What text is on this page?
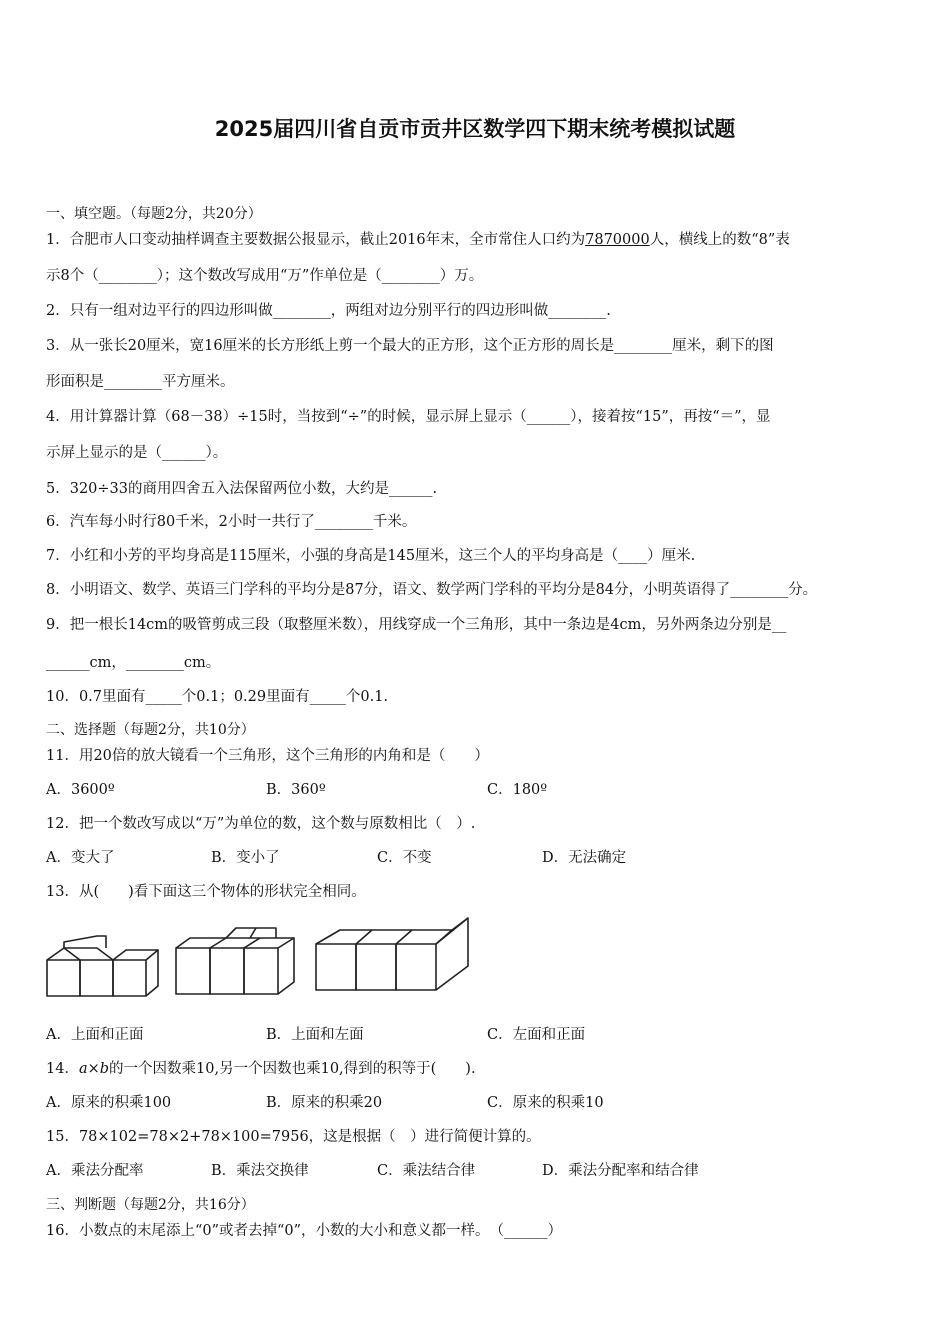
2025届四川省自贡市贡井区数学四下期末统考模拟试题
一、填空题。（每题2分，共20分）
1．合肥市人口变动抽样调查主要数据公报显示，截止2016年末，全市常住人口约为7870000人，横线上的数“8”表
示8个（________）；这个数改写成用“万”作单位是（________）万。
2．只有一组对边平行的四边形叫做________，两组对边分别平行的四边形叫做________.
3．从一张长20厘米，宽16厘米的长方形纸上剪一个最大的正方形，这个正方形的周长是________厘米，剩下的图
形面积是________平方厘米。
4．用计算器计算（68－38）÷15时，当按到“÷”的时候，显示屏上显示（______），接着按“15”，再按“＝”，显
示屏上显示的是（______）。
5．320÷33的商用四舍五入法保留两位小数，大约是______.
6．汽车每小时行80千米，2小时一共行了________千米。
7．小红和小芳的平均身高是115厘米，小强的身高是145厘米，这三个人的平均身高是（____）厘米.
8．小明语文、数学、英语三门学科的平均分是87分，语文、数学两门学科的平均分是84分，小明英语得了________分。
9．把一根长14cm的吸管剪成三段（取整厘米数），用线穿成一个三角形，其中一条边是4cm，另外两条边分别是__
______cm，________cm。
10．0.7里面有_____个0.1；0.29里面有_____个0.1.
二、选择题（每题2分，共10分）
11．用20倍的放大镜看一个三角形，这个三角形的内角和是（　　）
A．3600º	B．360º	C．180º
12．把一个数改写成以“万”为单位的数，这个数与原数相比（　）.
A．变大了	B．变小了	C．不变	D．无法确定
13．从(　　)看下面这三个物体的形状完全相同。
A．上面和正面	B．上面和左面	C．左面和正面
14．a×b的一个因数乘10,另一个因数也乘10,得到的积等于(　　).
A．原来的积乘100	B．原来的积乘20	C．原来的积乘10
15．78×102=78×2+78×100=7956，这是根据（　）进行简便计算的。
A．乘法分配率	B．乘法交换律	C．乘法结合律	D．乘法分配率和结合律
三、判断题（每题2分，共16分）
16．小数点的末尾添上“0”或者去掉“0”，小数的大小和意义都一样。　（______）
